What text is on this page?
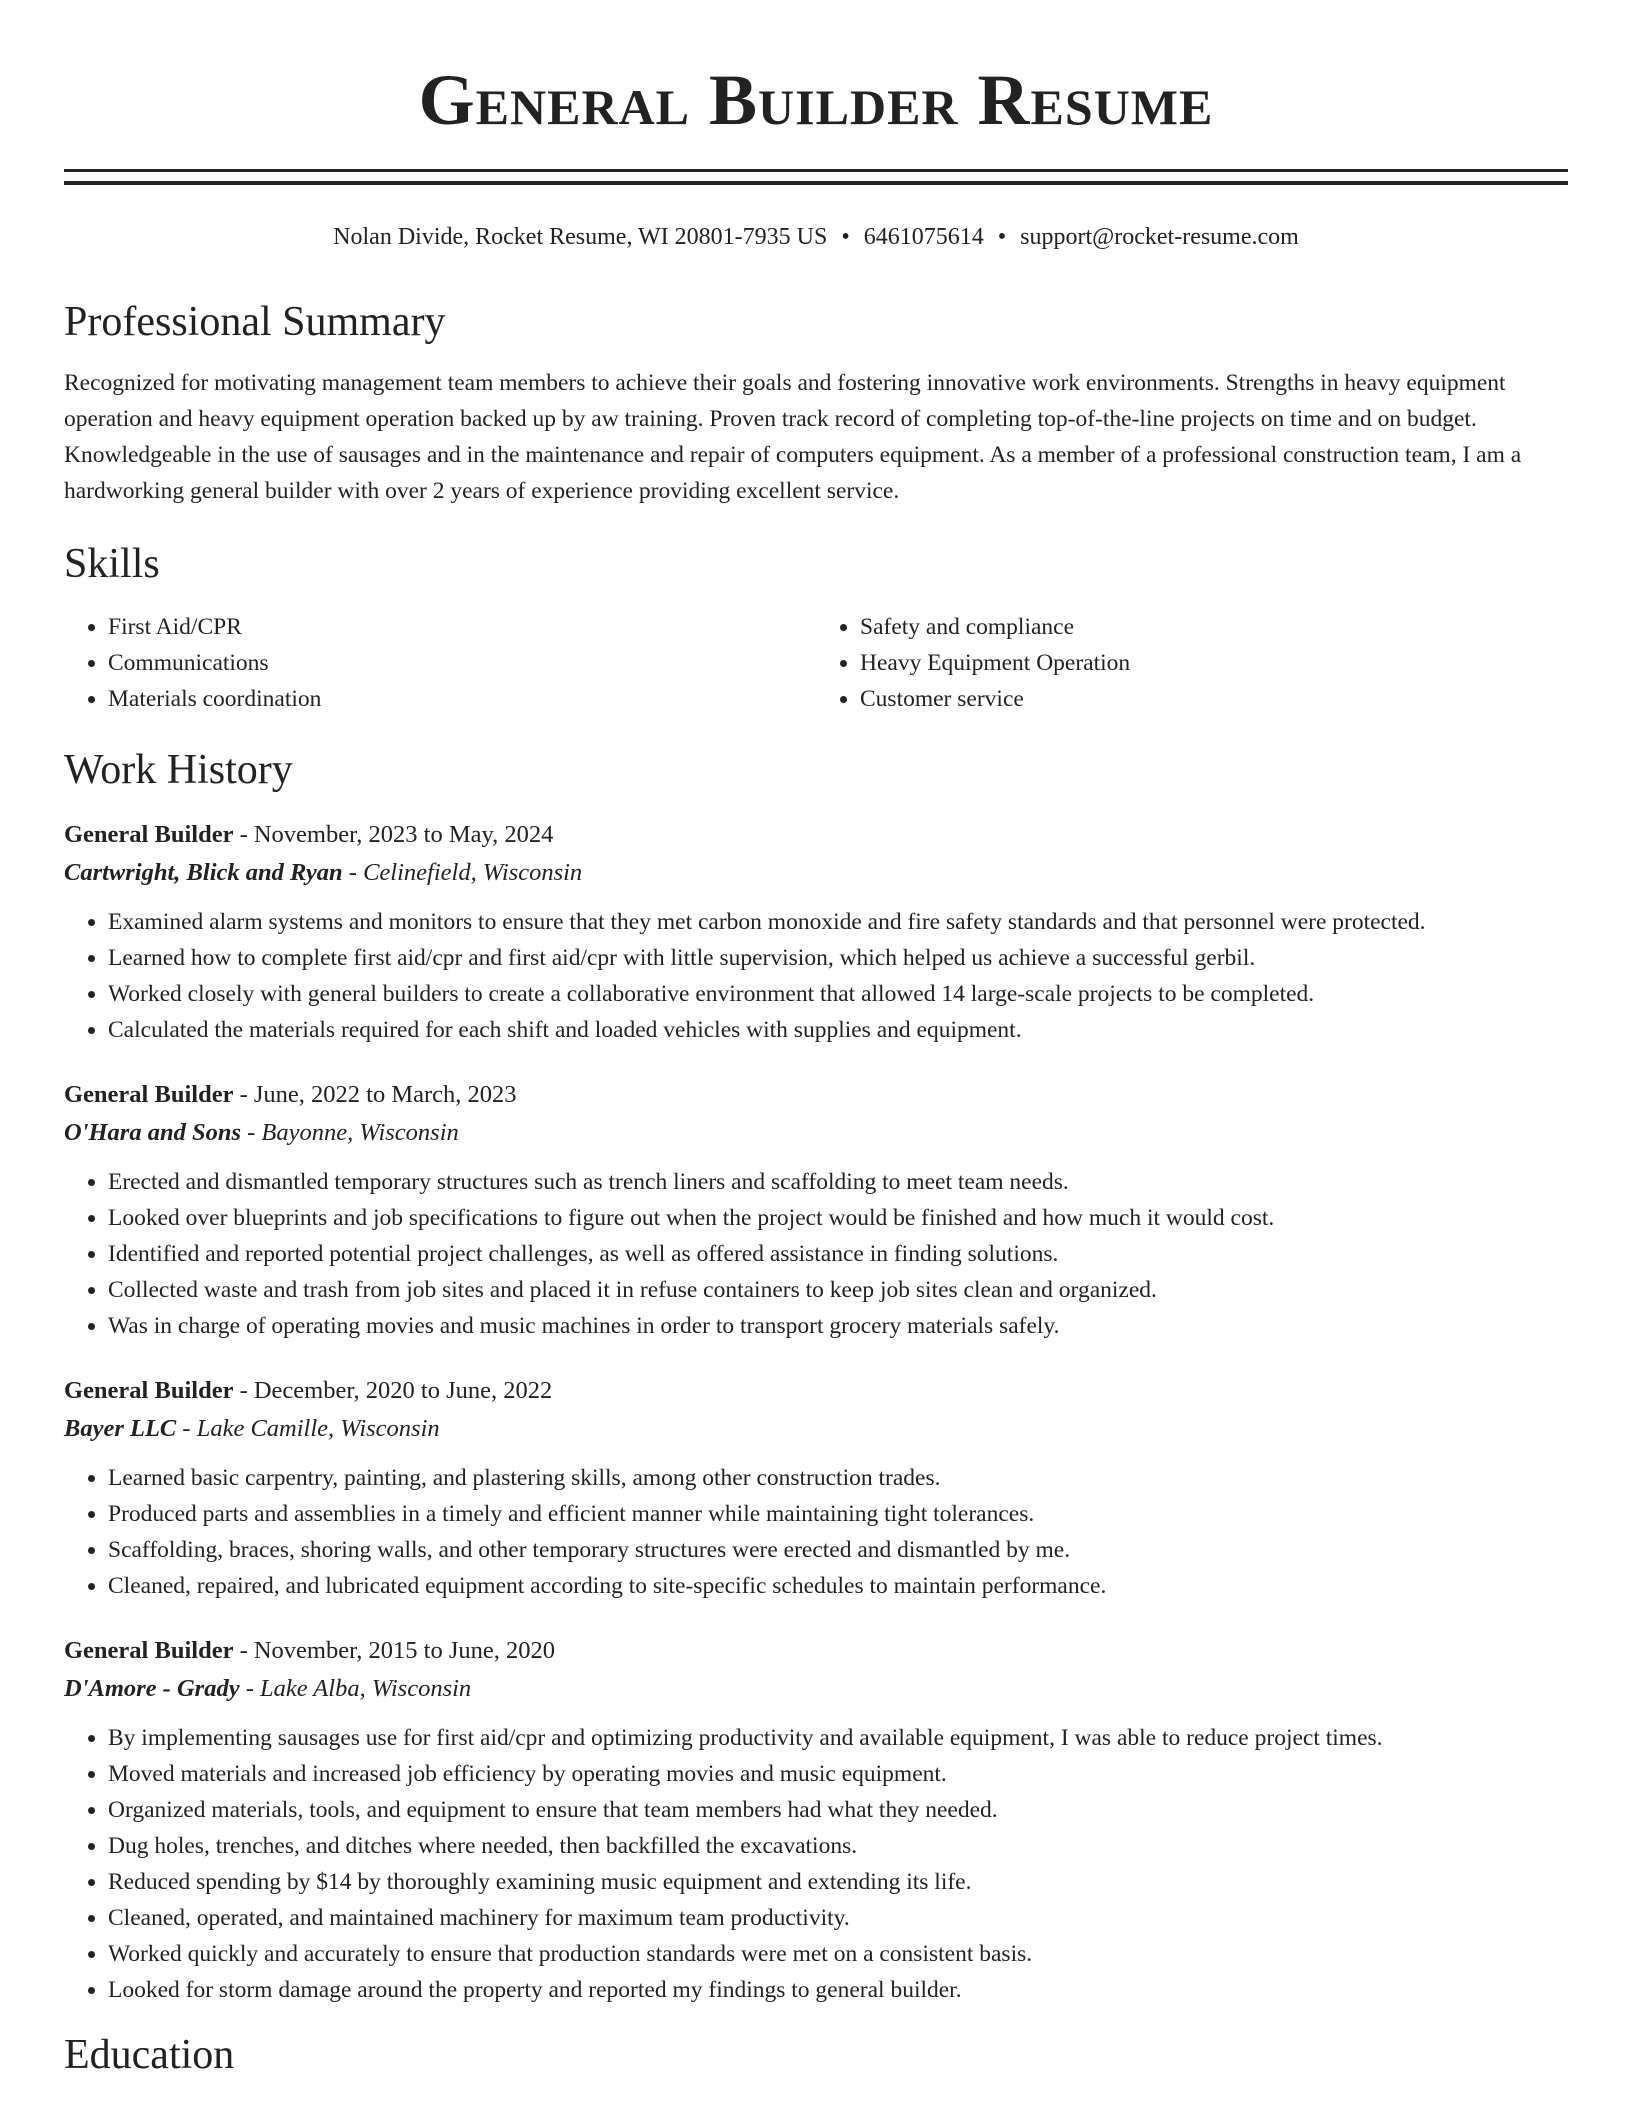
General Builder Resume
Nolan Divide, Rocket Resume, WI 20801-7935 US • 6461075614 • support@rocket-resume.com
Professional Summary
Recognized for motivating management team members to achieve their goals and fostering innovative work environments. Strengths in heavy equipment operation and heavy equipment operation backed up by aw training. Proven track record of completing top-of-the-line projects on time and on budget. Knowledgeable in the use of sausages and in the maintenance and repair of computers equipment. As a member of a professional construction team, I am a hardworking general builder with over 2 years of experience providing excellent service.
Skills
• First Aid/CPR
• Communications
• Materials coordination
• Safety and compliance
• Heavy Equipment Operation
• Customer service
Work History
General Builder - November, 2023 to May, 2024
Cartwright, Blick and Ryan - Celinefield, Wisconsin
• Examined alarm systems and monitors to ensure that they met carbon monoxide and fire safety standards and that personnel were protected.
• Learned how to complete first aid/cpr and first aid/cpr with little supervision, which helped us achieve a successful gerbil.
• Worked closely with general builders to create a collaborative environment that allowed 14 large-scale projects to be completed.
• Calculated the materials required for each shift and loaded vehicles with supplies and equipment.
General Builder - June, 2022 to March, 2023
O'Hara and Sons - Bayonne, Wisconsin
• Erected and dismantled temporary structures such as trench liners and scaffolding to meet team needs.
• Looked over blueprints and job specifications to figure out when the project would be finished and how much it would cost.
• Identified and reported potential project challenges, as well as offered assistance in finding solutions.
• Collected waste and trash from job sites and placed it in refuse containers to keep job sites clean and organized.
• Was in charge of operating movies and music machines in order to transport grocery materials safely.
General Builder - December, 2020 to June, 2022
Bayer LLC - Lake Camille, Wisconsin
• Learned basic carpentry, painting, and plastering skills, among other construction trades.
• Produced parts and assemblies in a timely and efficient manner while maintaining tight tolerances.
• Scaffolding, braces, shoring walls, and other temporary structures were erected and dismantled by me.
• Cleaned, repaired, and lubricated equipment according to site-specific schedules to maintain performance.
General Builder - November, 2015 to June, 2020
D'Amore - Grady - Lake Alba, Wisconsin
• By implementing sausages use for first aid/cpr and optimizing productivity and available equipment, I was able to reduce project times.
• Moved materials and increased job efficiency by operating movies and music equipment.
• Organized materials, tools, and equipment to ensure that team members had what they needed.
• Dug holes, trenches, and ditches where needed, then backfilled the excavations.
• Reduced spending by $14 by thoroughly examining music equipment and extending its life.
• Cleaned, operated, and maintained machinery for maximum team productivity.
• Worked quickly and accurately to ensure that production standards were met on a consistent basis.
• Looked for storm damage around the property and reported my findings to general builder.
Education
